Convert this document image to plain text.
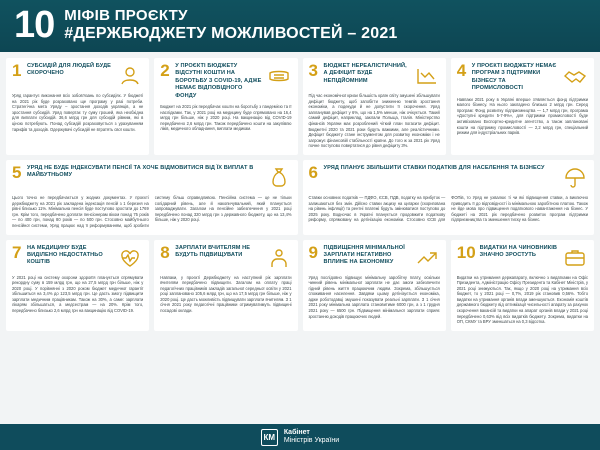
10 МІФІВ ПРОЄКТУ
#ДЕРЖБЮДЖЕТУ МОЖЛИВОСТЕЙ – 2021
1 СУБСИДІЙ ДЛЯ ЛЮДЕЙ БУДЕ СКОРОЧЕНО
Уряд гарантує виконання всіх зобов'язань по субсидіях. У бюджеті на 2021 рік буде розраховано ще програму у разі потреби. Стратегічна мета Уряду – зростання доходів українців, а не зростання субсидій. Уряд повертає ту суму грошей, яка необхідна для виплати субсидій. 36,6 млрд грн для субсидій рівним, які в ціною потребують. Понад субсидій розраховується з урахуванням тарифів та доходів. Одержувачі субсидій не втратять свої кошти.
2 У ПРОЄКТІ БЮДЖЕТУ ВІДСУТНІ КОШТИ НА БОРОТЬБУ З COVID-19, АДЖЕ НЕМАЄ ВІДПОВІДНОГО ФОНДУ
Бюджет на 2021 рік передбачає кошти на боротьбу з пандемією та її наслідками. Так, у 2021 році на медицину буде спрямовано на 16,4 млрд грн більше, ніж у 2020 році. На вакцинацію від COVID-19 передбачено 2,6 млрд грн. Також передбачено кошти на закупівлю ліків, медичного обладнання, виплати медикам.
3 БЮДЖЕТ НЕРЕАЛІСТИЧНИЙ, А ДЕФІЦИТ БУДЕ НЕПІДЙОМНИМ
Під час економічної кризи більшість країн світу змушені збільшувати дефіцит бюджету, щоб запобігти зниженню темпів зростання економіки, а подекуди й не допустити її скорочення. Уряд запланував дефіцит у 6%, що на 1,5% менше, ніж очікується. Такий самий дефіцит, наприклад, заклали Польща, Італія. Міністерство фінансів України має розроблений чіткий план погасити дефіцит. Бюджетні 2020 та 2021 роки будуть важкими, але реалістичними. Дефіцит бюджету стане інструментом для розвитку економіки і не загрожує фінансовій стабільності країни. До того ж за 2021 рік Уряд почне поступово повертатися до рівня дефіциту 3%.
4 У ПРОЄКТІ БЮДЖЕТУ НЕМАЄ ПРОГРАМ З ПІДТРИМКИ БІЗНЕСУ ТА ПРОМИСЛОВОСТІ
Навпаки 2021 року в Україні вперше з'являється фонд підтримки малого бізнесу. На нього закладено близько 2 млрд грн. Серед програм: Фонд розвитку підприємництва — 1,7 млрд грн, програма «Доступні кредити 5-7-9%», для підтримки промисловості буде активізовано Експортно-кредитне агентство, а також заплановані кошти на підтримку промисловості — 2,2 млрд грн, спеціальний режим для індустріальних парків.
5 УРЯД НЕ БУДЕ ІНДЕКСУВАТИ ПЕНСІЇ ТА ХОЧЕ ВІДМОВИТИСЯ ВІД ЇХ ВИПЛАТ В МАЙБУТНЬОМУ
Цього точно не передбачається у жодних документах. У проєкті держбюджету на 2021 рік закладена індексація пенсій з 1 березня на рівні близько 11%. Мінімальна пенсія буде поступово зростати до 1769 грн. Крім того, передбачено доплати пенсіонерам віком понад 75 років — по 400 грн, понад 80 років — по 500 грн. Стосовно майбутнього пенсійної системи, Уряд працює над її реформуванням, щоб зробити систему більш справедливою. Пенсійна система — це не тільки солідарний рівень, але й накопичувальний, який планується запроваджувати. Загалом на пенсійне забезпечення у 2021 році передбачено понад 320 млрд грн з державного бюджету, що на 13,4% більше, ніж у 2020 році.
6 УРЯД ПЛАНУЄ ЗБІЛЬШИТИ СТАВКИ ПОДАТКІВ ДЛЯ НАСЕЛЕННЯ ТА БІЗНЕСУ
Ставки основних податків — ПДФО, ЄСВ, ПДВ, податку на прибуток — залишаються без змін. Дійсно ставки акцизу на цигарки (скоригована на рівень інфляції) та рентні платежі будуть змінюватися поступово до 2025 року. Водночас в Україні планується продовжити податкову реформу, спрямовану на детінізацію економіки. Стосовно ЄСВ для ФОПів, то Уряд не ухвалює ті чи які підвищення ставки, а виключно приводить її до відповідності із мінімальною заробітною платою. Також не йде мова про підвищення податкового навантаження на бізнес. У бюджеті на 2021 рік передбачено розвиток програм підтримки підприємництва та зменшення тиску на бізнес.
7 НА МЕДИЦИНУ БУДЕ ВИДІЛЕНО НЕДОСТАТНЬО КОШТІВ
У 2021 році на систему охорони здоров'я планується спрямувати рекордну суму в 159 млрд грн, що на 27,5 млрд грн більше, ніж у 2020 році. У порівнянні з 2020 роком бюджет медичної гарантії збільшиться на 3,4% до 123,5 млрд грн. Це дасть змогу підвищити зарплати медичним працівникам. Також на 30%, а саме: зарплати лікарям збільшаться, а медсестрам — на 20%. Крім того, передбачено близько 2,6 млрд грн на вакцинацію від COVID-19.
8 ЗАРПЛАТИ ВЧИТЕЛЯМ НЕ БУДУТЬ ПІДВИЩУВАТИ
Навпаки, у проєкті Держбюджету на наступний рік зарплати вчителям передбачено підвищити. Загалом на оплату праці педагогічних працівників закладів загальної середньої освіти у 2021 році заплановано 105,6 млрд грн, що на 17,5 млрд грн більше, ніж у 2020 році. Це дасть можливість підвищувати зарплати вчителям. З 1 січня 2021 року педагогічні працівники отримуватимуть підвищені посадові оклади.
9 ПІДВИЩЕННЯ МІНІМАЛЬНОЇ ЗАРПЛАТИ НЕГАТИВНО ВПЛИНЕ НА ЕКОНОМІКУ
Уряд послідовно підвищує мінімальну заробітну плату, оскільки чинний рівень мінімальної зарплати не дає змоги забезпечити гідний рівень життя працюючим людям. Зокрема, збільшується споживання населення. Завдяки цьому детінізується економіка, адже роботодавці змушені показувати реальні зарплати. З 1 січня 2021 року мінімальна зарплата становитиме 6000 грн, а з 1 грудня 2021 року — 6500 грн. Підвищення мінімальної зарплати сприяє зростанню доходів працюючих людей.
10 ВИДАТКИ НА ЧИНОВНИКІВ ЗНАЧНО ЗРОСТУТЬ
Видатки на утримання держапарату, включно з видатками на Офіс Президента, Адміністрацію Офісу Президента та Кабінет Міністрів, у 2021 році знижуються. Так, якщо у 2020 році на утримання всіх бюджет, то у 2021 році — 0,7%, 2019 рік становив 0,56%. Тобто видатки на утримання органів влади зменшуються. Економія коштів державного бюджету від оптимізації чисельності апарату за рахунок скорочення вакансій та видатки на апарат органів влади у 2021 році передбачено 0,63% від всіх видатків бюджету. Зокрема, видатки на ОП, СКМУ та ВРУ зменшаться на 0,3 відсотка.
КМ	Кабінет
Міністрів України
